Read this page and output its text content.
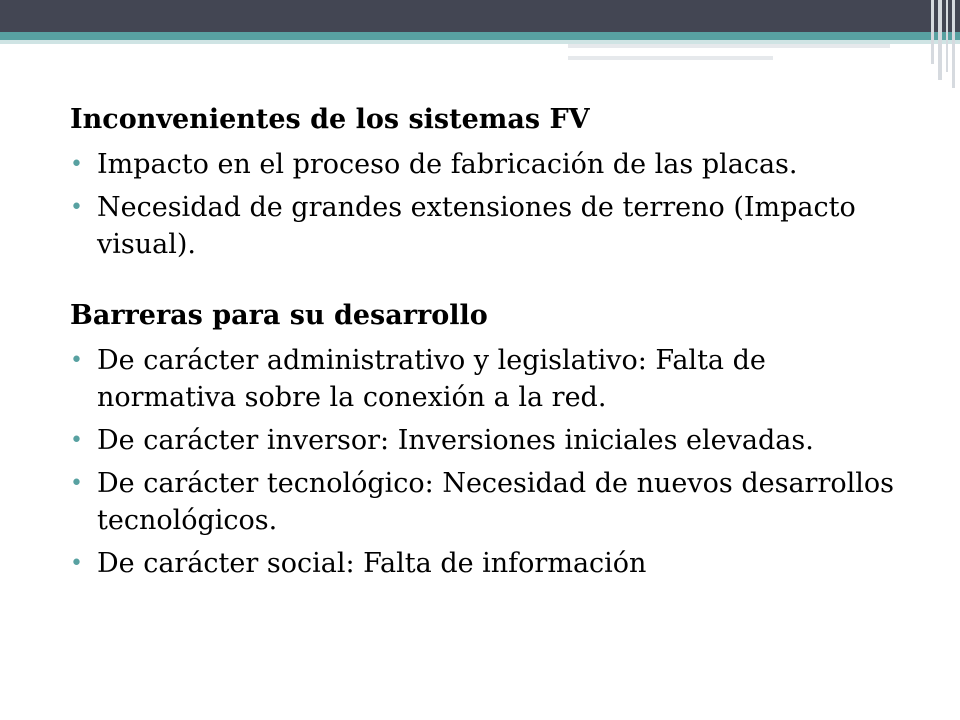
Inconvenientes de los sistemas FV

• Impacto en el proceso de fabricación de las placas.
• Necesidad de grandes extensiones de terreno (Impacto visual).

Barreras para su desarrollo

• De carácter administrativo y legislativo: Falta de normativa sobre la conexión a la red.
• De carácter inversor: Inversiones iniciales elevadas.
• De carácter tecnológico: Necesidad de nuevos desarrollos tecnológicos.
• De carácter social: Falta de información
